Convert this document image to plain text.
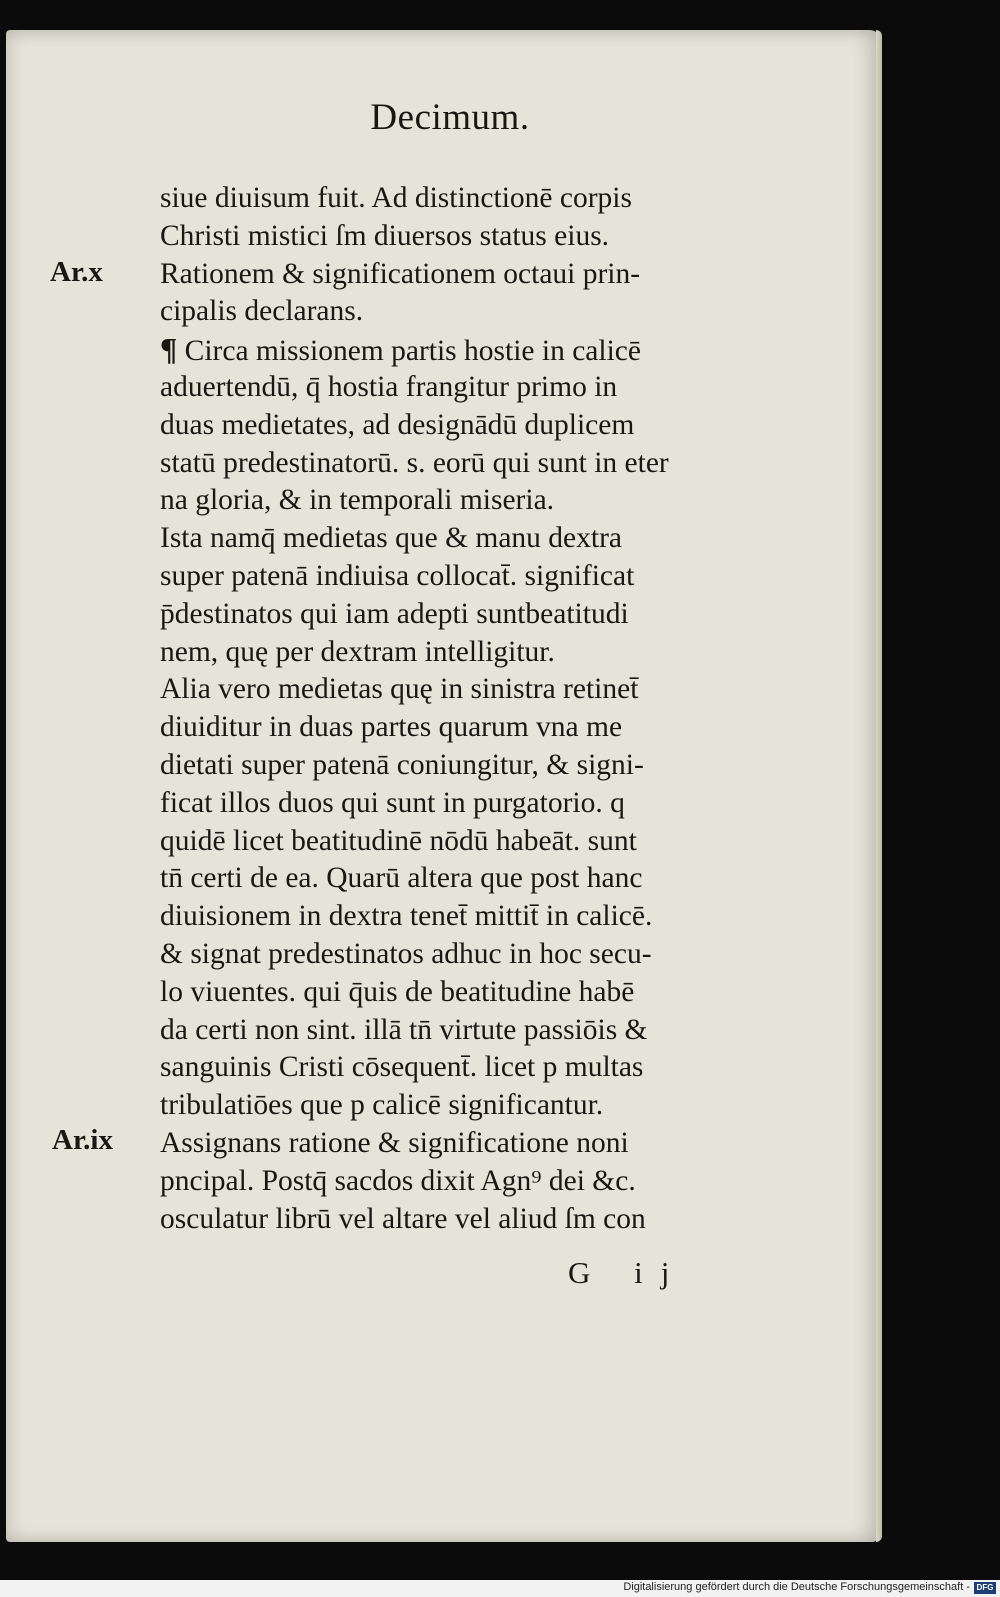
Decimum.
Ar.x
Ar.ix
siue diuisum fuit. Ad distinctionē corpis
Christi mistici ſm diuersos status eius.
Rationem & significationem octaui prin-
cipalis declarans.
¶ Circa missionem partis hostie in calicē
aduertendū, q̄ hostia frangitur primo in
duas medietates, ad designādū duplicem
statū predestinatorū. s. eorū qui sunt in eter
na gloria, & in temporali miseria.
Ista namq̄ medietas que & manu dextra
super patenā indiuisa collocat̄. significat
p̄destinatos qui iam adepti suntbeatitudi
nem, quę per dextram intelligitur.
Alia vero medietas quę in sinistra retinet̄
diuiditur in duas partes quarum vna me
dietati super patenā coniungitur, & signi-
ficat illos duos qui sunt in purgatorio. q
quidē licet beatitudinē nōdū habeāt. sunt
tn̄ certi de ea. Quarū altera que post hanc
diuisionem in dextra tenet̄ mittit̄ in calicē.
& signat predestinatos adhuc in hoc secu-
lo viuentes. qui q̄uis de beatitudine habē
da certi non sint. illā tn̄ virtute passiōis &
sanguinis Cristi cōsequent̄. licet p multas
tribulatiōes que p calicē significantur.
Assignans ratione & significatione noni
pncipal. Postq̄ sacdos dixit Agn⁹ dei &c.
osculatur librū vel altare vel aliud ſm con
G ij
Digitalisierung gefördert durch die Deutsche Forschungsgemeinschaft - DFG
